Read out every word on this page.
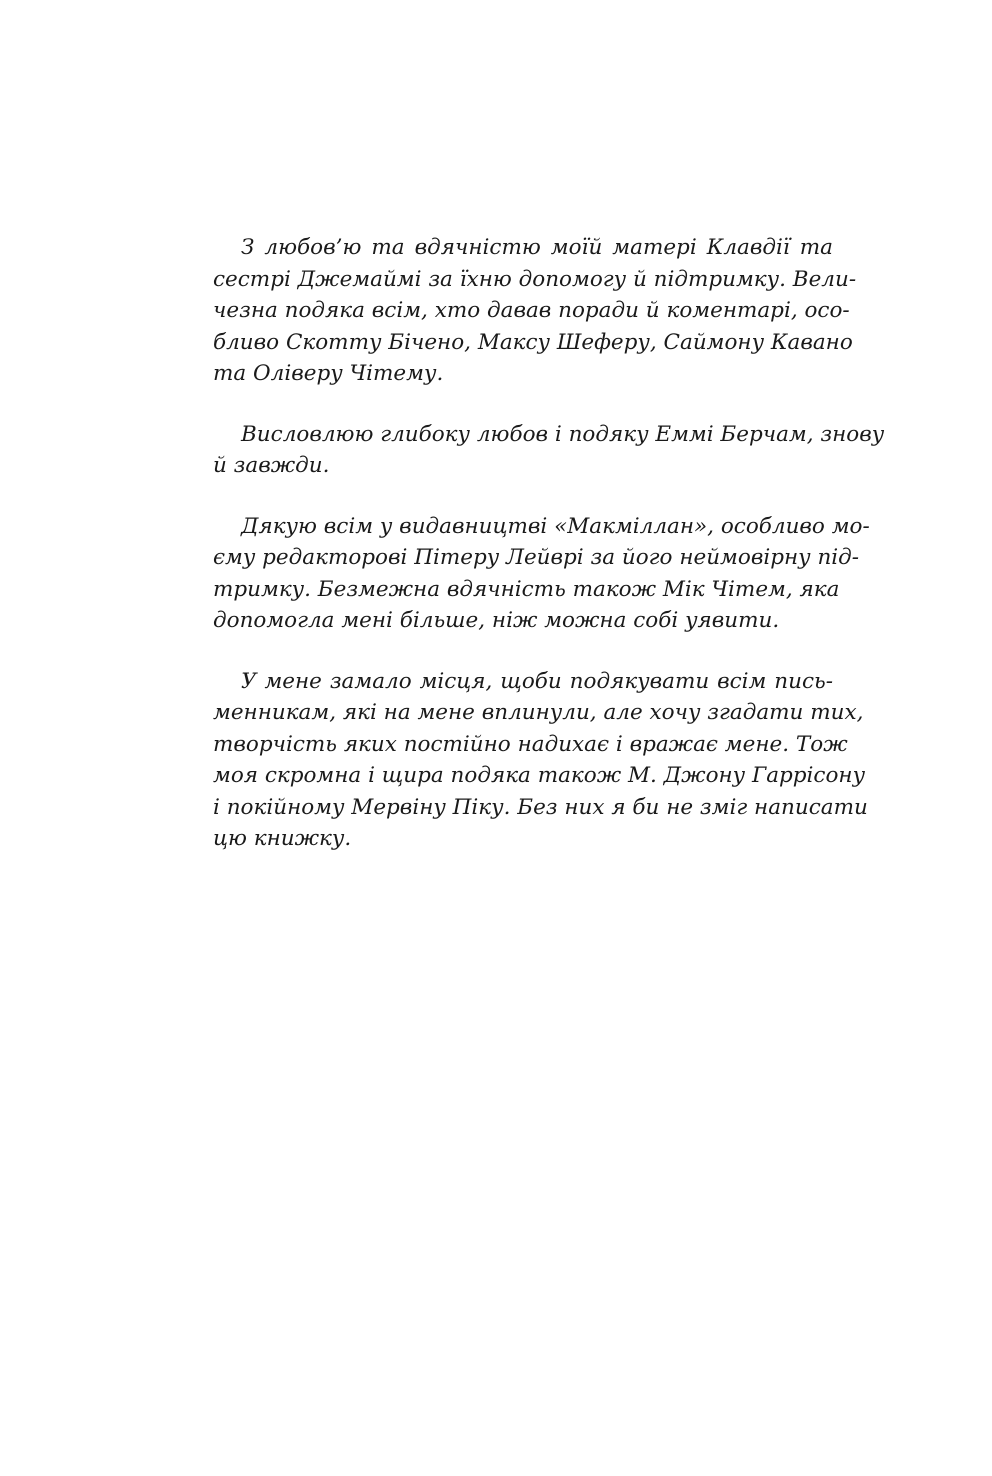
З любов’ю та вдячністю моїй матері Клавдії та
сестрі Джемаймі за їхню допомогу й підтримку. Вели-
чезна подяка всім, хто давав поради й коментарі, осо-
бливо Скотту Бічено, Максу Шеферу, Саймону Кавано
та Оліверу Чітему.

Висловлюю глибоку любов і подяку Еммі Берчам, знову
й завжди.

Дякую всім у видавництві «Макміллан», особливо мо-
єму редакторові Пітеру Лейврі за його неймовірну під-
тримку. Безмежна вдячність також Мік Чітем, яка
допомогла мені більше, ніж можна собі уявити.

У мене замало місця, щоби подякувати всім пись-
менникам, які на мене вплинули, але хочу згадати тих,
творчість яких постійно надихає і вражає мене. Тож
моя скромна і щира подяка також М. Джону Гаррісону
і покійному Мервіну Піку. Без них я би не зміг написати
цю книжку.
